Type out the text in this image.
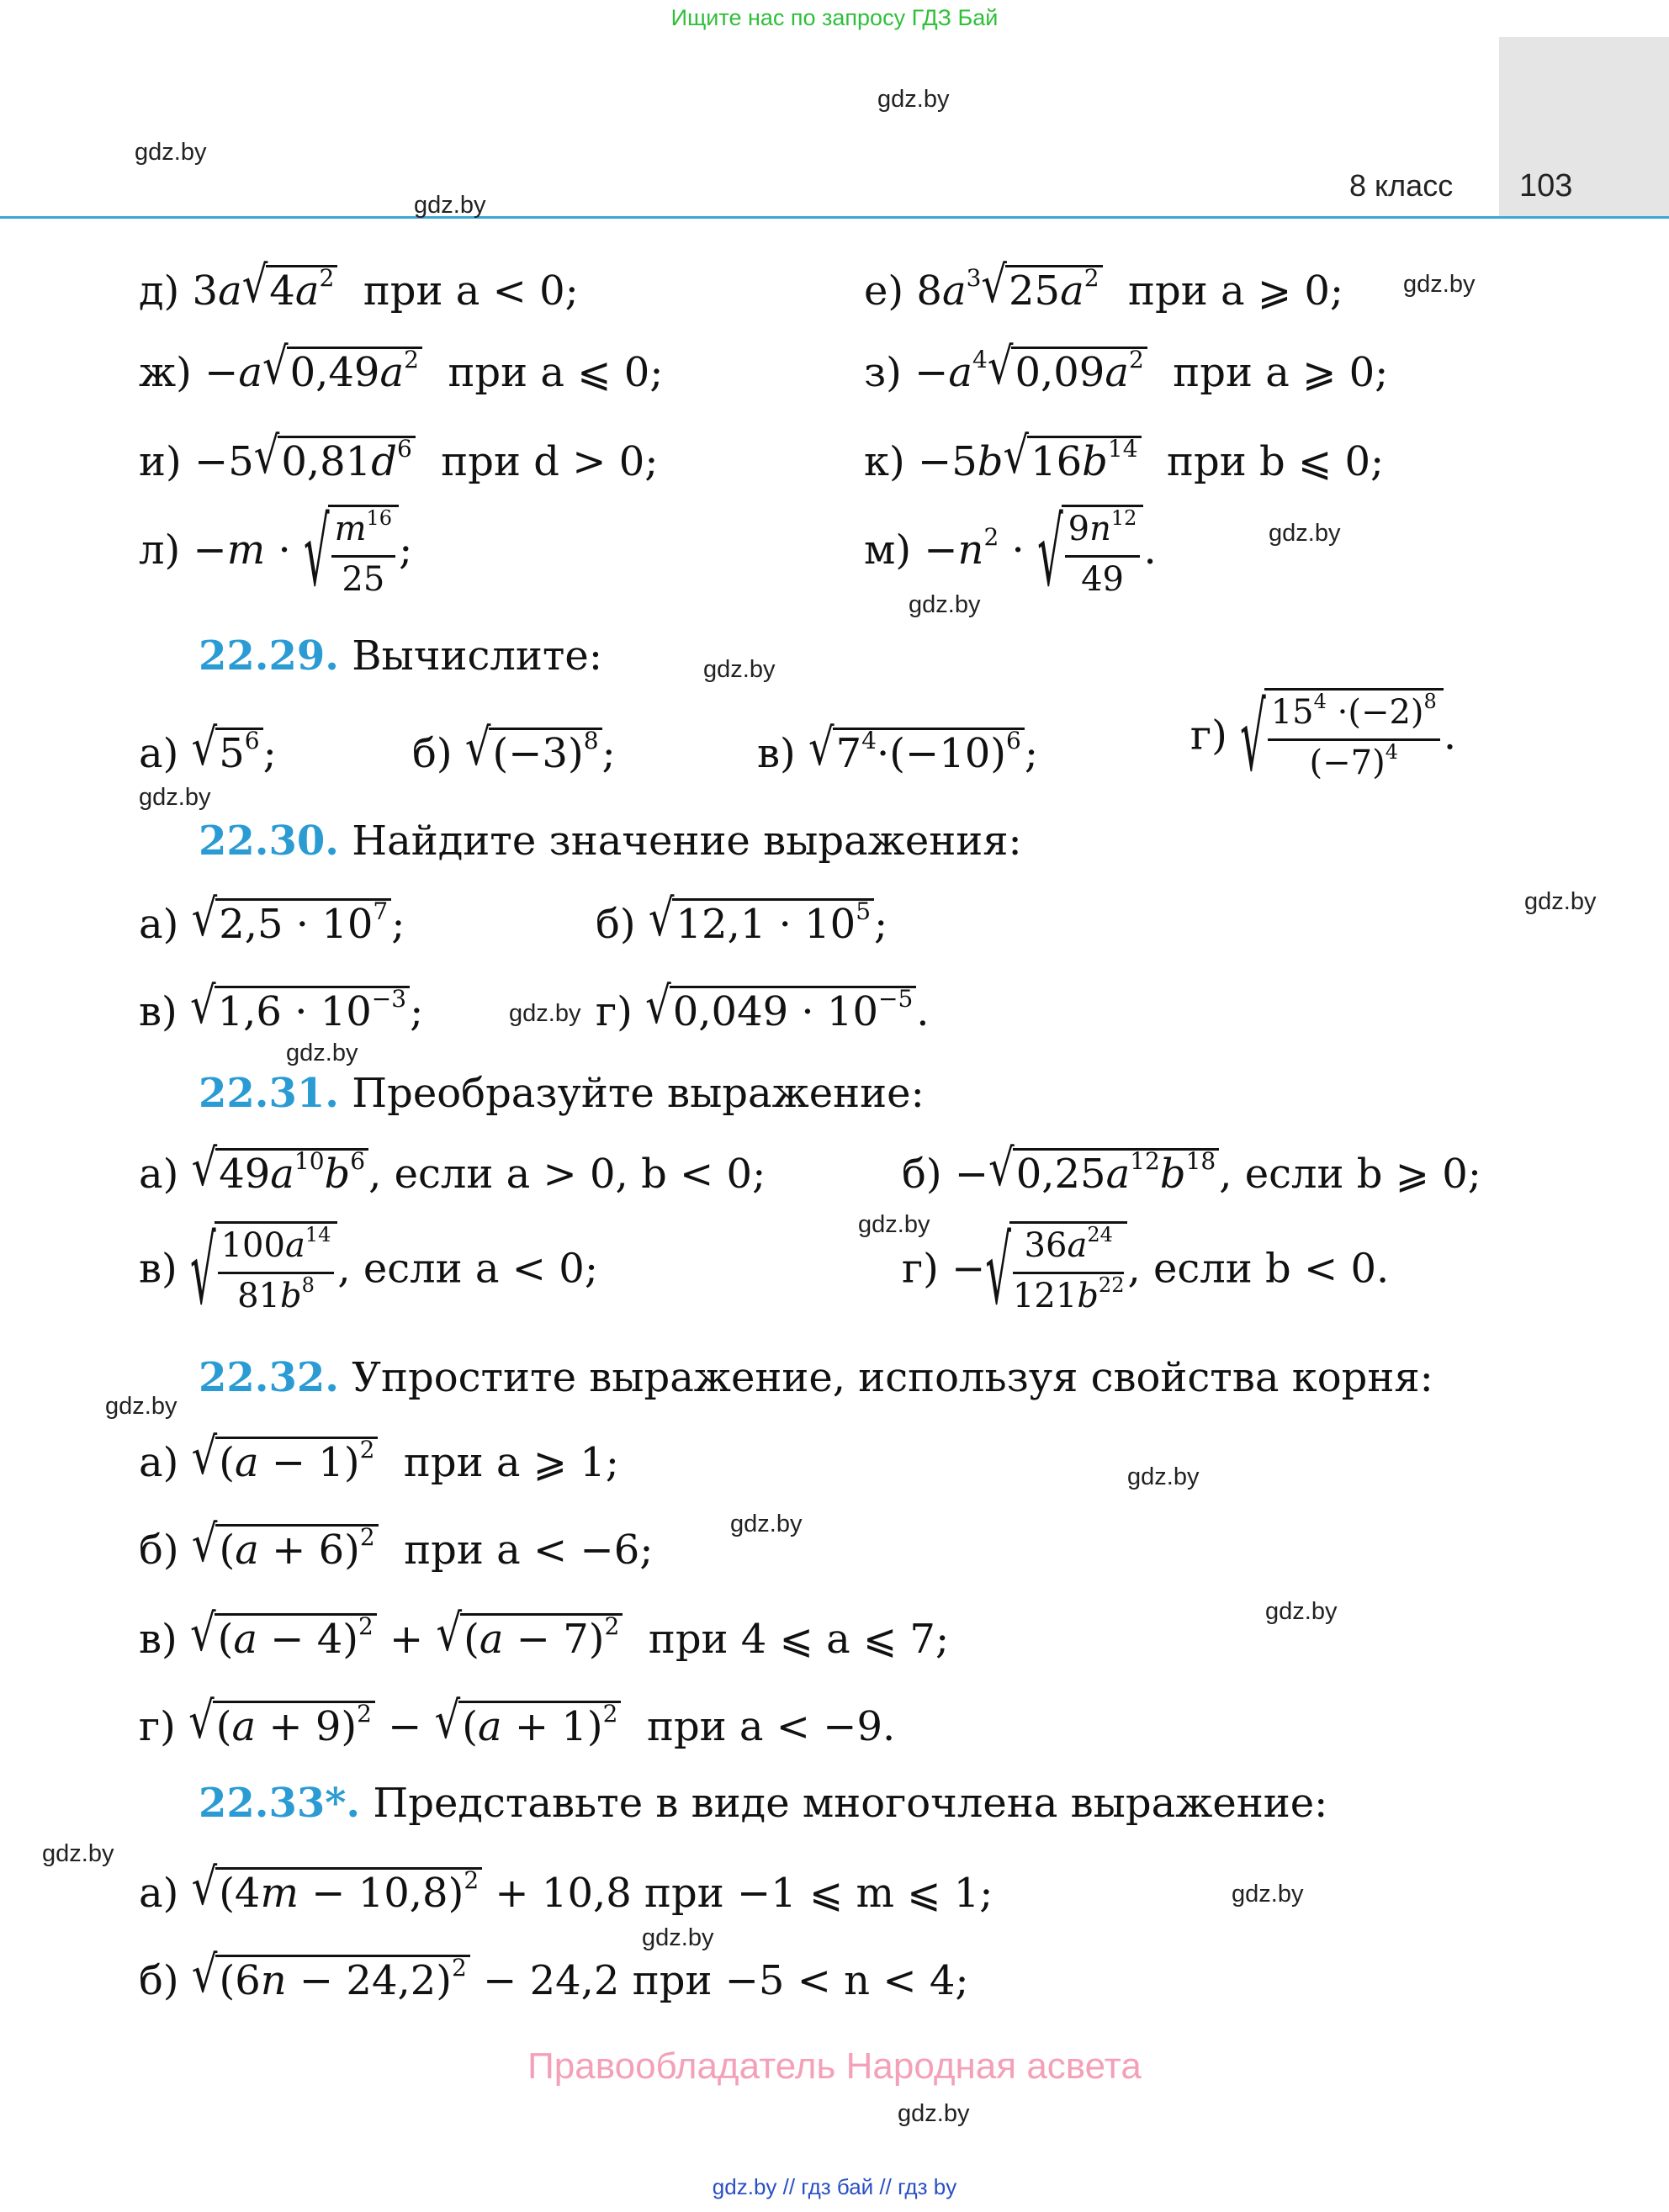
Ищите нас по запросу ГДЗ Бай
8 класс 103
gdz.by
gdz.by
gdz.by
gdz.by
gdz.by
gdz.by
gdz.by
gdz.by
gdz.by
gdz.by
gdz.by
gdz.by
gdz.by
gdz.by
gdz.by
gdz.by
gdz.by
gdz.by
gdz.by
gdz.by
д) $3a√4a^2$ при a < 0;	е) $8a^3√25a^2$ при a ⩾ 0;
$ж) -a√0,49a^2$ при a ⩽ 0;	$з) -a^4√0,09a^2$ при a ⩾ 0;
$и) -5√0,81d^6$ при d > 0;	$к) -5b√16b^{14}$ при b ⩽ 0;
л) −m · √ $\frac{m^{16}}{25}$ ;	$м) -n^2$ · √ $\frac{9n^{12}}{49}$ .
22.29. Вычислите:
а) $√5^6$;	б) $√(-3)^8$;	в) $√7^4\cdot(-10)^6$;	г) √ $\frac{15^4 \cdot(-2)^8}{(-7)^4}$ .
22.30. Найдите значение выражения:
а) $√2,5 \cdot 10^7$;	б) $√12,1 \cdot 10^5$;
в) $√1,6 \cdot 10^{-3}$;	г) $√0,049 \cdot 10^{-5}$.
22.31. Преобразуйте выражение:
а) $√49a^{10}b^6$, если a > 0, b < 0;	$б) -√0,25a^{12}b^{18}$, если b ⩾ 0;
в) √ $\frac{100a^{14}}{81b^8}$ , если a < 0;	г) −√ $\frac{36a^{24}}{121b^{22}}$ , если b < 0.
22.32. Упростите выражение, используя свойства корня:
а) $√(a - 1)^2$ при a ⩾ 1;
б) $√(a + 6)^2$ при a < −6;
в) $√(a - 4)^2 + √(a - 7)^2$ при 4 ⩽ a ⩽ 7;
г) $√(a + 9)^2 - √(a + 1)^2$ при a < −9.
22.33*. Представьте в виде многочлена выражение:
а) $√(4m - 10,8)^2 + 10,8$ при −1 ⩽ m ⩽ 1;
б) $√(6n - 24,2)^2 - 24,2$ при −5 < n < 4;
Правообладатель Народная асвета
gdz.by // гдз бай // гдз by
